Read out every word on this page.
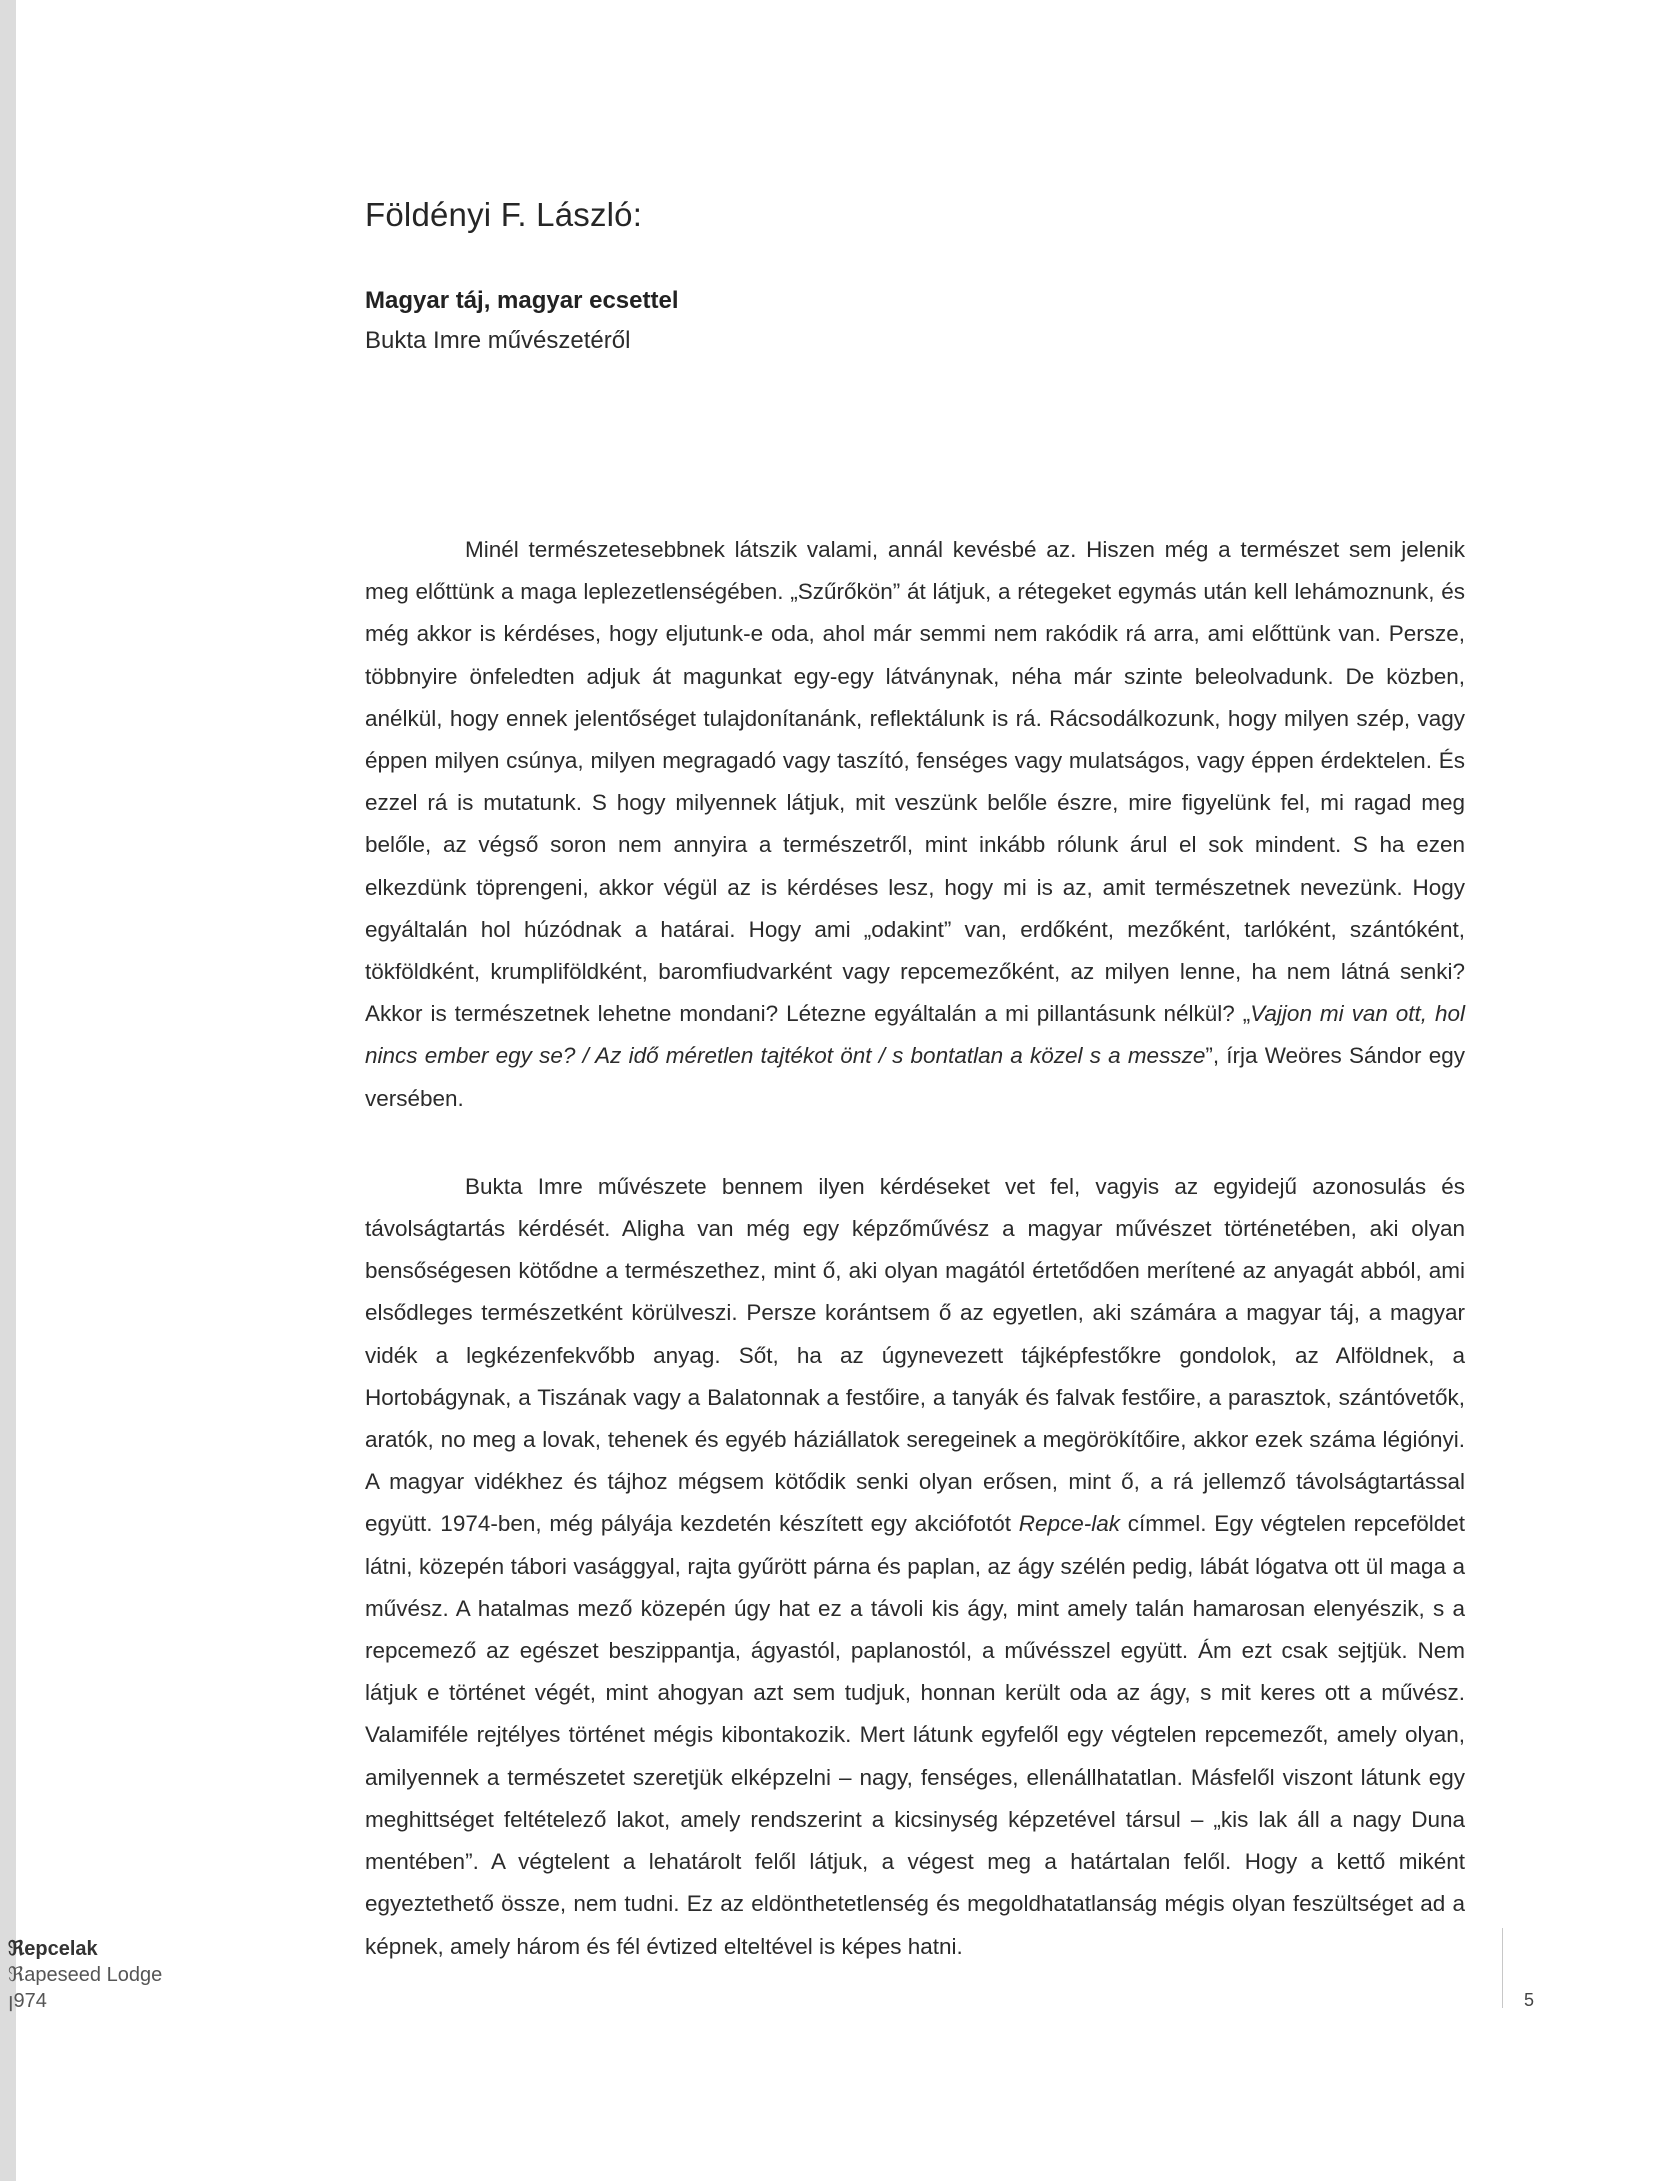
Földényi F. László:
Magyar táj, magyar ecsettel
Bukta Imre művészetéről

Minél természetesebbnek látszik valami, annál kevésbé az. Hiszen még a természet sem jelenik meg előttünk a maga leplezetlenségében. „Szűrőkön” át látjuk, a rétegeket egymás után kell lehámoznunk, és még akkor is kérdéses, hogy eljutunk-e oda, ahol már semmi nem rakódik rá arra, ami előttünk van. Persze, többnyire önfeledten adjuk át magunkat egy-egy látványnak, néha már szinte beleolvadunk. De közben, anélkül, hogy ennek jelentőséget tulajdonítanánk, reflektálunk is rá. Rácsodálkozunk, hogy milyen szép, vagy éppen milyen csúnya, milyen megragadó vagy taszító, fenséges vagy mulatságos, vagy éppen érdektelen. És ezzel rá is mutatunk. S hogy milyennek látjuk, mit veszünk belőle észre, mire figyelünk fel, mi ragad meg belőle, az végső soron nem annyira a természetről, mint inkább rólunk árul el sok mindent. S ha ezen elkezdünk töprengeni, akkor végül az is kérdéses lesz, hogy mi is az, amit természetnek nevezünk. Hogy egyáltalán hol húzódnak a határai. Hogy ami „odakint” van, erdőként, mezőként, tarlóként, szántóként, tökföldként, krumpliföldként, baromfiudvarként vagy repcemezőként, az milyen lenne, ha nem látná senki? Akkor is természetnek lehetne mondani? Létezne egyáltalán a mi pillantásunk nélkül? „Vajjon mi van ott, hol nincs ember egy se? / Az idő méretlen tajtékot önt / s bontatlan a közel s a messze”, írja Weöres Sándor egy versében.

Bukta Imre művészete bennem ilyen kérdéseket vet fel, vagyis az egyidejű azonosulás és távolságtartás kérdését. Aligha van még egy képzőművész a magyar művészet történetében, aki olyan bensőségesen kötődne a természethez, mint ő, aki olyan magától értetődően merítené az anyagát abból, ami elsődleges természetként körülveszi. Persze korántsem ő az egyetlen, aki számára a magyar táj, a magyar vidék a legkézenfekvőbb anyag. Sőt, ha az úgynevezett tájképfestőkre gondolok, az Alföldnek, a Hortobágynak, a Tiszának vagy a Balatonnak a festőire, a tanyák és falvak festőire, a parasztok, szántóvetők, aratók, no meg a lovak, tehenek és egyéb háziállatok seregeinek a megörökítőire, akkor ezek száma légiónyi. A magyar vidékhez és tájhoz mégsem kötődik senki olyan erősen, mint ő, a rá jellemző távolságtartással együtt. 1974-ben, még pályája kezdetén készített egy akciófotót Repce-lak címmel. Egy végtelen repceföldet látni, közepén tábori vasággyal, rajta gyűrött párna és paplan, az ágy szélén pedig, lábát lógatva ott ül maga a művész. A hatalmas mező közepén úgy hat ez a távoli kis ágy, mint amely talán hamarosan elenyészik, s a repcemező az egészet beszippantja, ágyastól, paplanostól, a művésszel együtt. Ám ezt csak sejtjük. Nem látjuk e történet végét, mint ahogyan azt sem tudjuk, honnan került oda az ágy, s mit keres ott a művész. Valamiféle rejtélyes történet mégis kibontakozik. Mert látunk egyfelől egy végtelen repcemezőt, amely olyan, amilyennek a természetet szeretjük elképzelni – nagy, fenséges, ellenállhatatlan. Másfelől viszont látunk egy meghittséget feltételező lakot, amely rendszerint a kicsinység képzetével társul – „kis lak áll a nagy Duna mentében”. A végtelent a lehatárolt felől látjuk, a végest meg a határtalan felől. Hogy a kettő miként egyeztethető össze, nem tudni. Ez az eldönthetetlenség és megoldhatatlanság mégis olyan feszültséget ad a képnek, amely három és fél évtized elteltével is képes hatni.

ℜepcelak
ℜapeseed Lodge
ꞁ974	5
